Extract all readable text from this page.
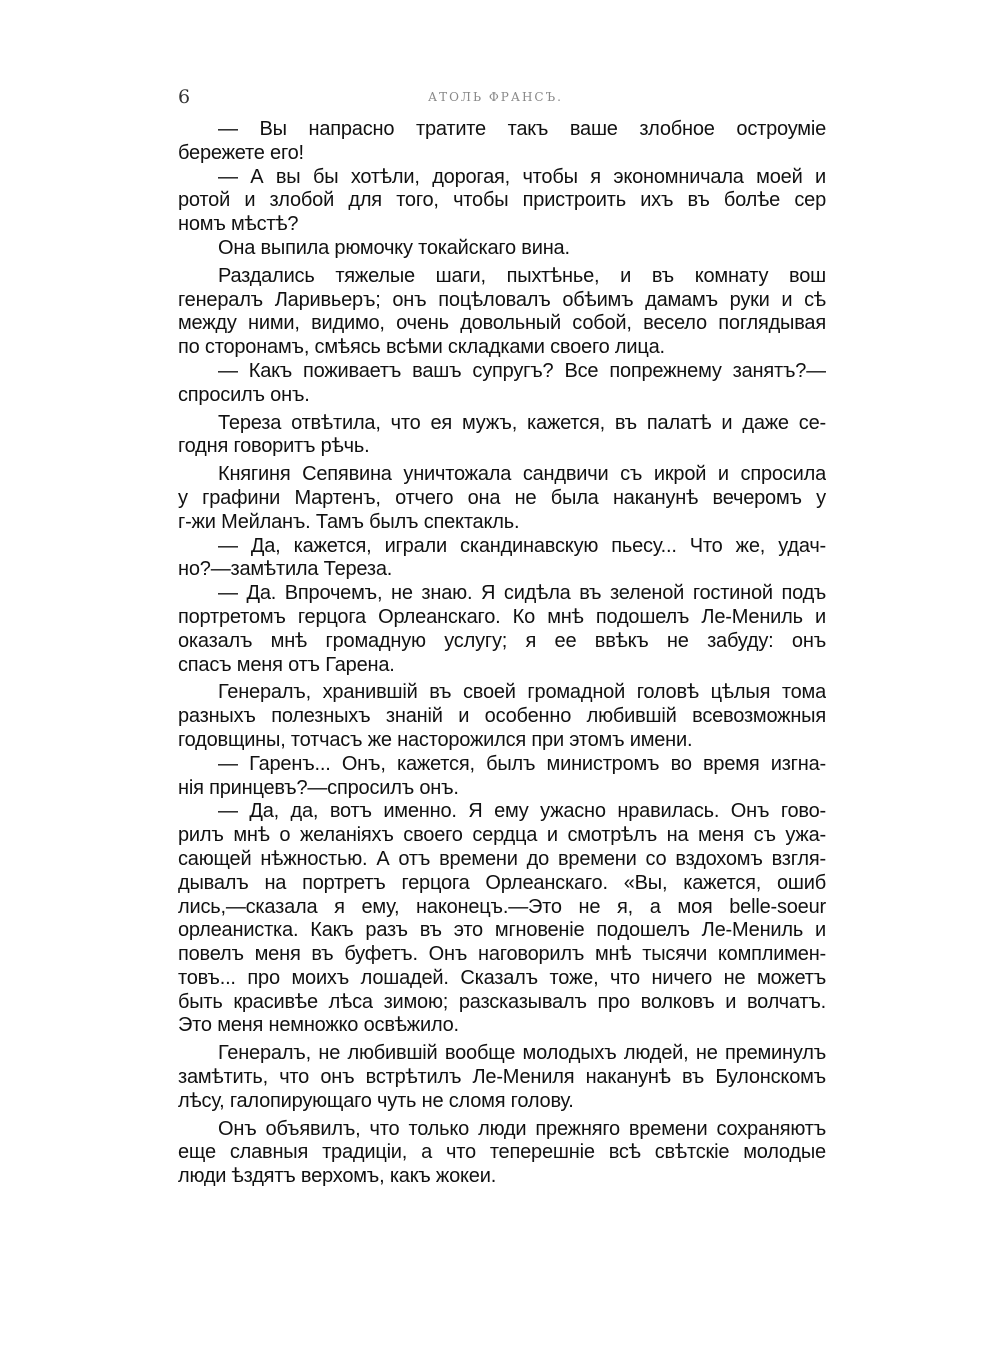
6	АТОЛЬ ФРАНСЪ.
— Вы напрасно тратите такъ ваше злобное остроумie
бережете его!
— А вы бы хотѣли, дорогая, чтобы я экономничала моей и
ротой и злобой для того, чтобы пристроить ихъ въ болѣе сер
номъ мѣстѣ?
Она выпила рюмочку токайскаго вина.
Раздались тяжелые шаги, пыхтѣнье, и въ комнату вош
генералъ Ларивьеръ; онъ поцѣловалъ обѣимъ дамамъ руки и сѣ
между ними, видимо, очень довольный собой, весело поглядывая
по сторонамъ, смѣясь всѣми складками своего лица.
— Какъ поживаетъ вашъ супругъ? Все попрежнему занятъ?—
спросилъ онъ.
Тереза отвѣтила, что ея мужъ, кажется, въ палатѣ и даже се-
годня говоритъ рѣчь.
Княгиня Сепявина уничтожала сандвичи съ икрой и спросила
у графини Мартенъ, отчего она не была наканунѣ вечеромъ у
г-жи Мейланъ. Тамъ былъ спектакль.
— Да, кажется, играли скандинавскую пьесу... Что же, удач-
но?—замѣтила Тереза.
— Да. Впрочемъ, не знаю. Я сидѣла въ зеленой гостиной подъ
портретомъ герцога Орлеанскаго. Ко мнѣ подошелъ Ле-Мениль и
оказалъ мнѣ громадную услугу; я ее ввѣкъ не забуду: онъ
спасъ меня отъ Гарена.
Генералъ, хранившій въ своей громадной головѣ цѣлыя тома
разныхъ полезныхъ знаній и особенно любившій всевозможныя
годовщины, тотчасъ же насторожился при этомъ имени.
— Гаренъ... Онъ, кажется, былъ министромъ во время изгна-
нія принцевъ?—спросилъ онъ.
— Да, да, вотъ именно. Я ему ужасно нравилась. Онъ гово-
рилъ мнѣ о желаніяхъ своего сердца и смотрѣлъ на меня съ ужа-
сающей нѣжностью. А отъ времени до времени со вздохомъ взгля-
дывалъ на портретъ герцога Орлеанскаго. «Вы, кажется, ошиб
лись,—сказала я ему, наконецъ.—Это не я, а моя belle-soeur
орлеанистка. Какъ разъ въ это мгновеніе подошелъ Ле-Мениль и
повелъ меня въ буфетъ. Онъ наговорилъ мнѣ тысячи комплимен-
товъ... про моихъ лошадей. Сказалъ тоже, что ничего не можетъ
быть красивѣе лѣса зимою; разсказывалъ про волковъ и волчатъ.
Это меня немножко освѣжило.
Генералъ, не любившій вообще молодыхъ людей, не преминулъ
замѣтить, что онъ встрѣтилъ Ле-Мениля наканунѣ въ Булонскомъ
лѣсу, галопирующаго чуть не сломя голову.
Онъ объявилъ, что только люди прежняго времени сохраняютъ
еще славныя традиціи, а что теперешніе всѣ свѣтскіе молодые
люди ѣздятъ верхомъ, какъ жокеи.
